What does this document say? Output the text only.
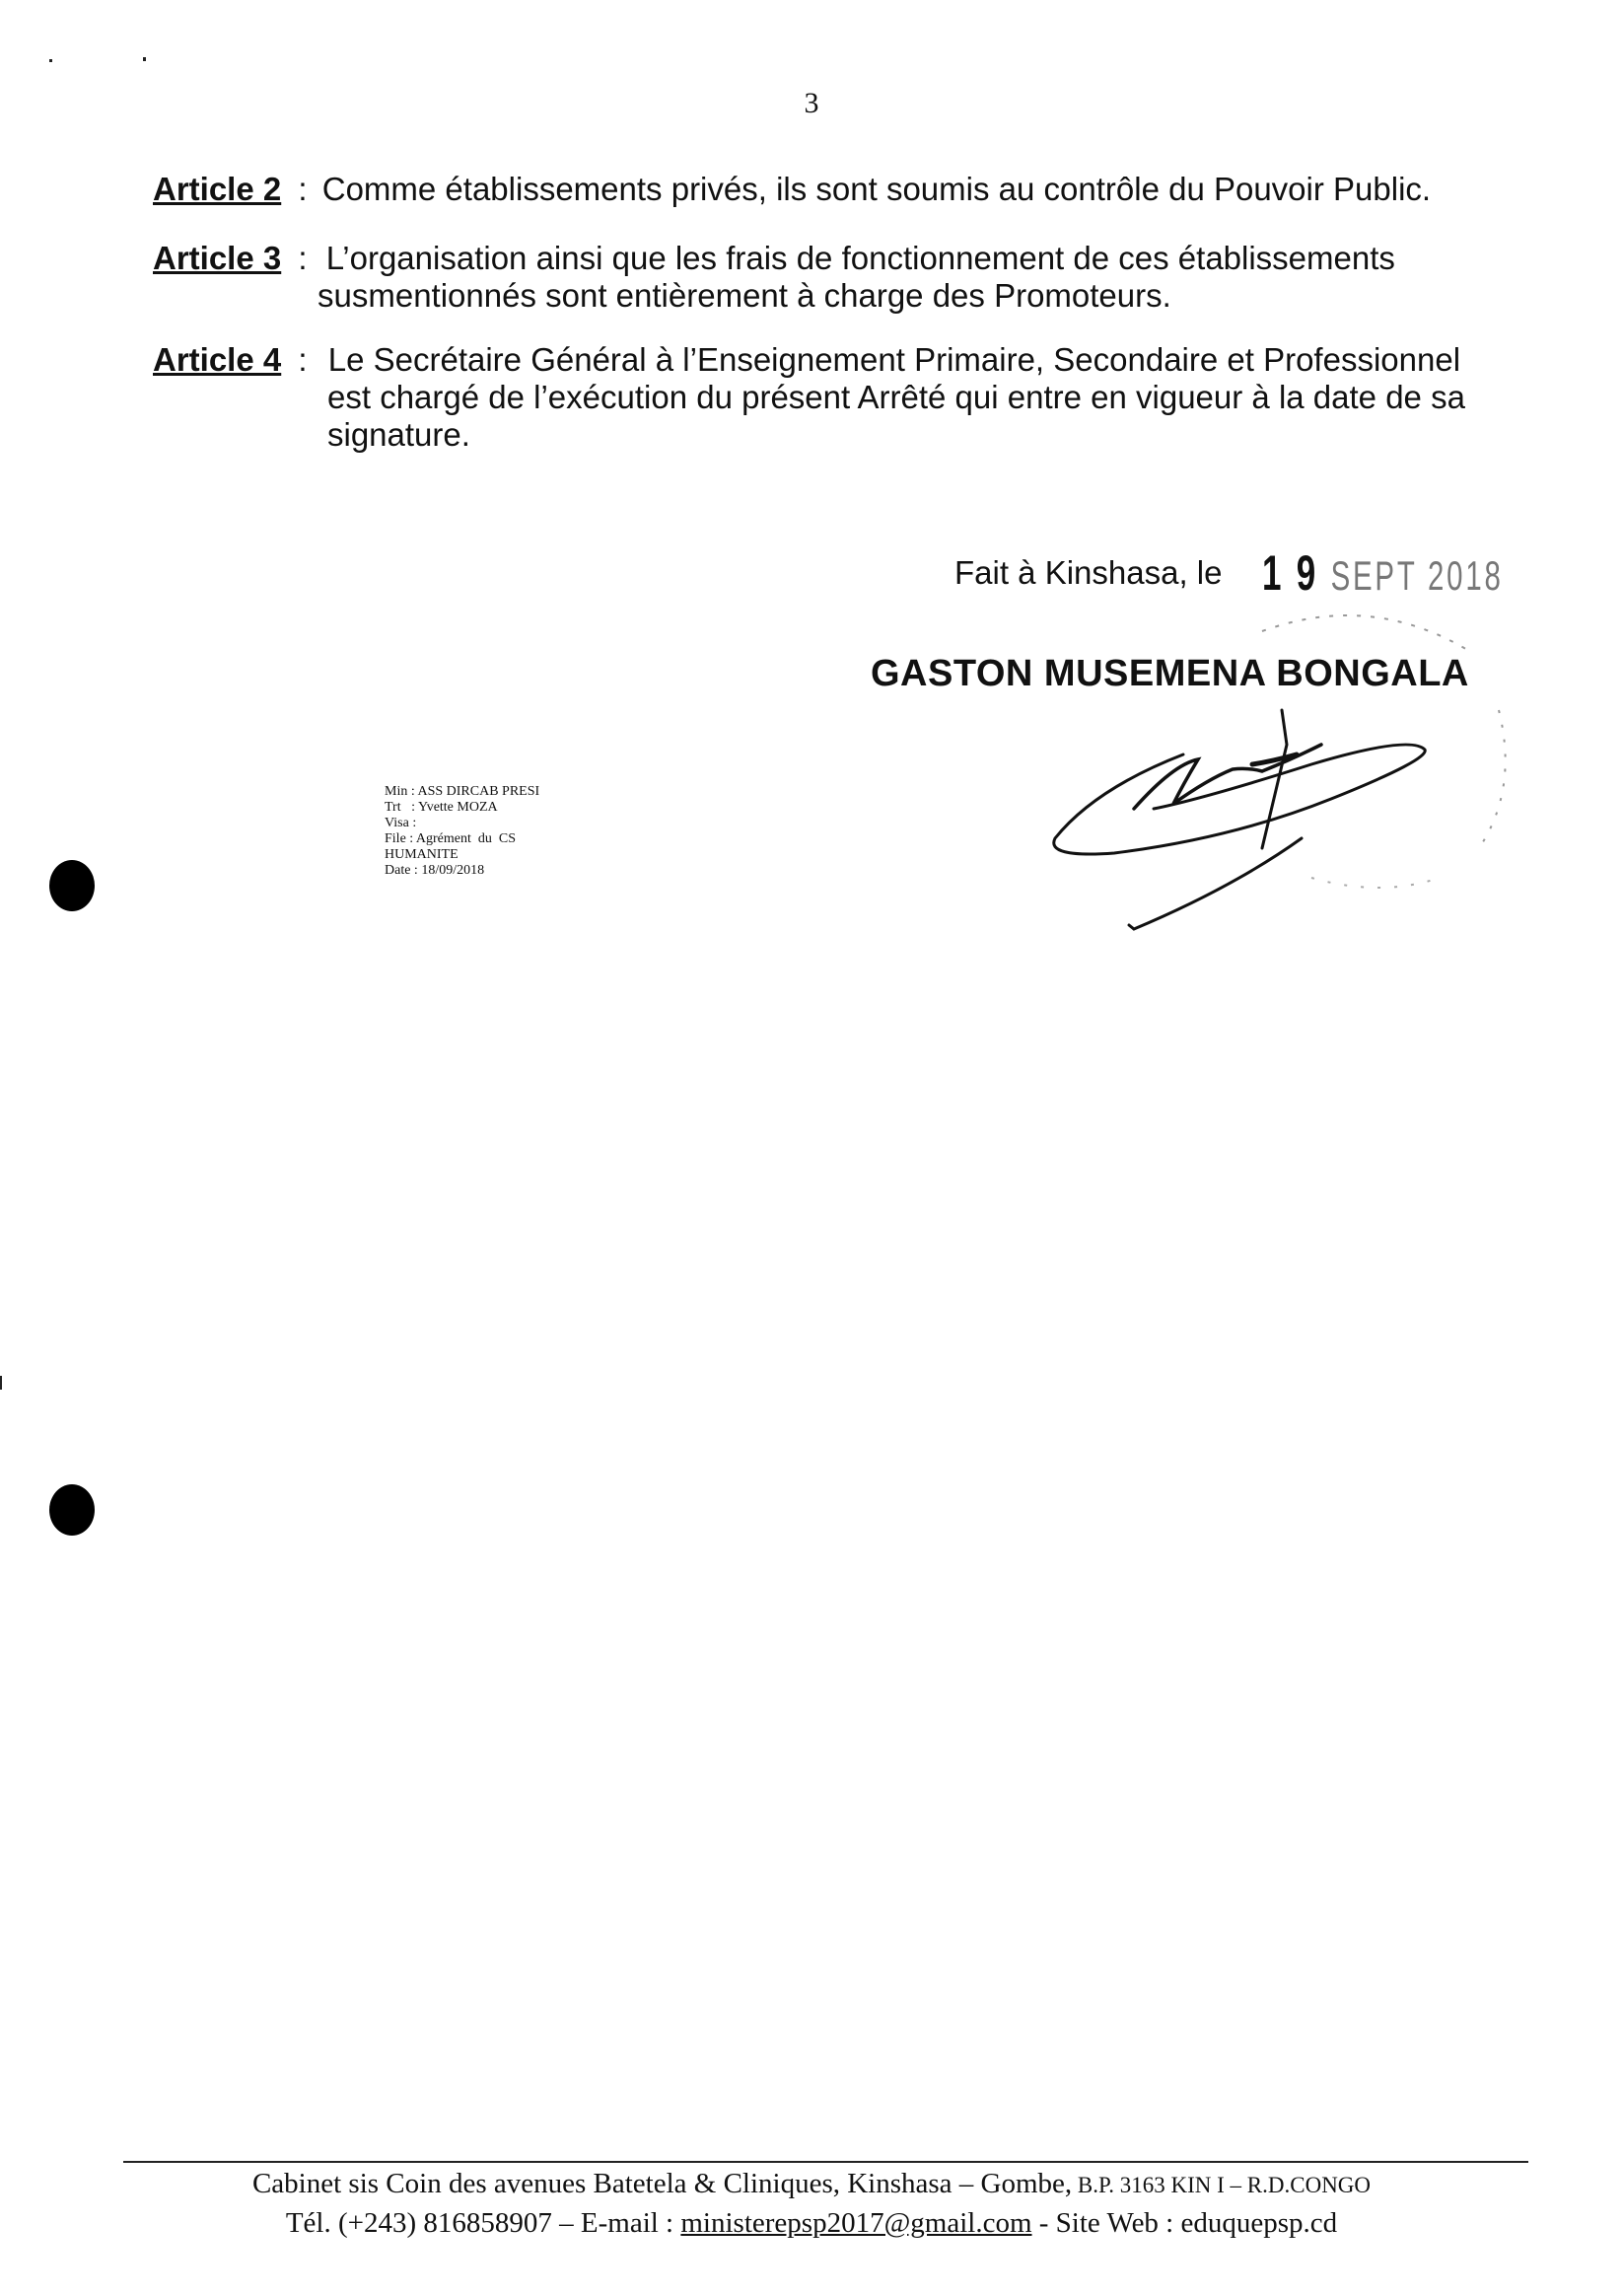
3
Article 2 : Comme établissements privés, ils sont soumis au contrôle du Pouvoir Public.
Article 3 : L’organisation ainsi que les frais de fonctionnement de ces établissements
susmentionnés sont entièrement à charge des Promoteurs.
Article 4 : Le Secrétaire Général à l’Enseignement Primaire, Secondaire et Professionnel
est chargé de l’exécution du présent Arrêté qui entre en vigueur à la date de sa
signature.
Fait à Kinshasa, le 1 9 SEPT 2018
GASTON MUSEMENA BONGALA
Min : ASS DIRCAB PRESI
Trt   : Yvette MOZA
Visa :
File : Agrément  du  CS
HUMANITE
Date : 18/09/2018
Cabinet sis Coin des avenues Batetela & Cliniques, Kinshasa – Gombe, B.P. 3163 KIN I – R.D.CONGO
Tél. (+243) 816858907 – E-mail : ministerepsp2017@gmail.com - Site Web : eduquepsp.cd
